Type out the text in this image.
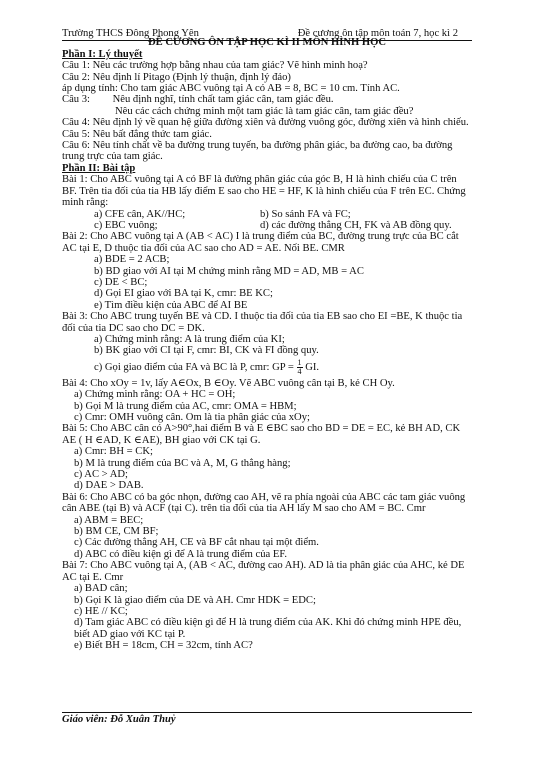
Trường THCS Đông Phong Yên	Đề cương ôn tập môn toán 7, học kì 2
ĐỀ CƯƠNG ÔN TẬP HỌC KÌ II MÔN HÌNH HỌC
Phần I: Lý thuyết
Câu 1: Nêu các trường hợp bằng nhau của tam giác? Vẽ hình minh hoạ?
Câu 2: Nêu định lí Pitago (Định lý thuận, định lý đảo)
áp dụng tính: Cho tam giác ABC vuông tại A có AB = 8, BC = 10 cm. Tính AC.
Câu 3: Nêu định nghĩ, tính chất tam giác cân, tam giác đều.
Nêu các cách chứng minh một tam giác là tam giác cân, tam giác đều?
Câu 4: Nêu định lý về quan hệ giữa đường xiên và đường vuông góc, đường xiên và hình chiếu.
Câu 5: Nêu bất đẳng thức tam giác.
Câu 6: Nêu tính chất về ba đường trung tuyến, ba đường phân giác, ba đường cao, ba đường trung trực của tam giác.
Phần II: Bài tập
Bài 1: Cho ABC vuông tại A có BF là đường phân giác của góc B, H là hình chiếu của C trên BF. Trên tia đối của tia HB lấy điểm E sao cho HE = HF, K là hình chiếu của F trên EC. Chứng minh rằng:
a) CFE cân, AK//HC;	b) So sánh FA và FC;
c) EBC vuông;	d) các đường thẳng CH, FK và AB đồng quy.
Bài 2: Cho ABC vuông tại A (AB < AC) I là trung điểm của BC, đường trung trực của BC cắt AC tại E, D thuộc tia đối của AC sao cho AD = AE. Nối BE. CMR
a) BDE = 2 ACB;
b) BD giao với AI tại M chứng minh rằng MD = AD, MB = AC
c) DE < BC;
d) Gọi EI giao với BA tại K, cmr: BE KC;
e) Tìm điều kiện của ABC để AI BE
Bài 3: Cho ABC trung tuyến BE và CD. I thuộc tia đối của tia EB sao cho EI =BE, K thuộc tia đối của tia DC sao cho DC = DK.
a) Chứng minh rằng: A là trung điểm của KI;
b) BK giao với CI tại F, cmr: BI, CK và FI đồng quy.
c) Gọi giao điểm của FA và BC là P, cmr: GP = $\frac{1}{4}$ GI.
Bài 4: Cho xOy = 1v, lấy A∈Ox, B ∈Oy. Vẽ ABC vuông cân tại B, kẻ CH Oy.
a) Chứng minh rằng: OA + HC = OH;
b) Gọi M là trung điểm của AC, cmr: OMA = HBM;
c) Cmr: OMH vuông cân. Om là tia phân giác của xOy;
Bài 5: Cho ABC cân có A>90°,hai điểm B và E ∈BC sao cho BD = DE = EC, kẻ BH AD, CK AE ( H ∈AD, K ∈AE), BH giao với CK tại G.
a) Cmr: BH = CK;
b) M là trung điểm của BC và A, M, G thẳng hàng;
c) AC > AD;
d) DAE > DAB.
Bài 6: Cho ABC có ba góc nhọn, đường cao AH, vẽ ra phía ngoài của ABC các tam giác vuông cân ABE (tại B) và ACF (tại C). trên tia đối của tia AH lấy M sao cho AM = BC. Cmr
a) ABM = BEC;
b) BM CE, CM BF;
c) Các đường thẳng AH, CE và BF cắt nhau tại một điểm.
d) ABC có điều kiện gì để A là trung điểm của EF.
Bài 7: Cho ABC vuông tại A, (AB < AC, đường cao AH). AD là tia phân giác của AHC, kẻ DE AC tại E. Cmr
a) BAD cân;
b) Gọi K là giao điểm của DE và AH. Cmr HDK = EDC;
c) HE // KC;
d) Tam giác ABC có điều kiện gì để H là trung điểm của AK. Khi đó chứng minh HPE đều, biết AD giao với KC tại P.
e) Biết BH = 18cm, CH = 32cm, tính AC?
Giáo viên: Đỗ Xuân Thuỷ
